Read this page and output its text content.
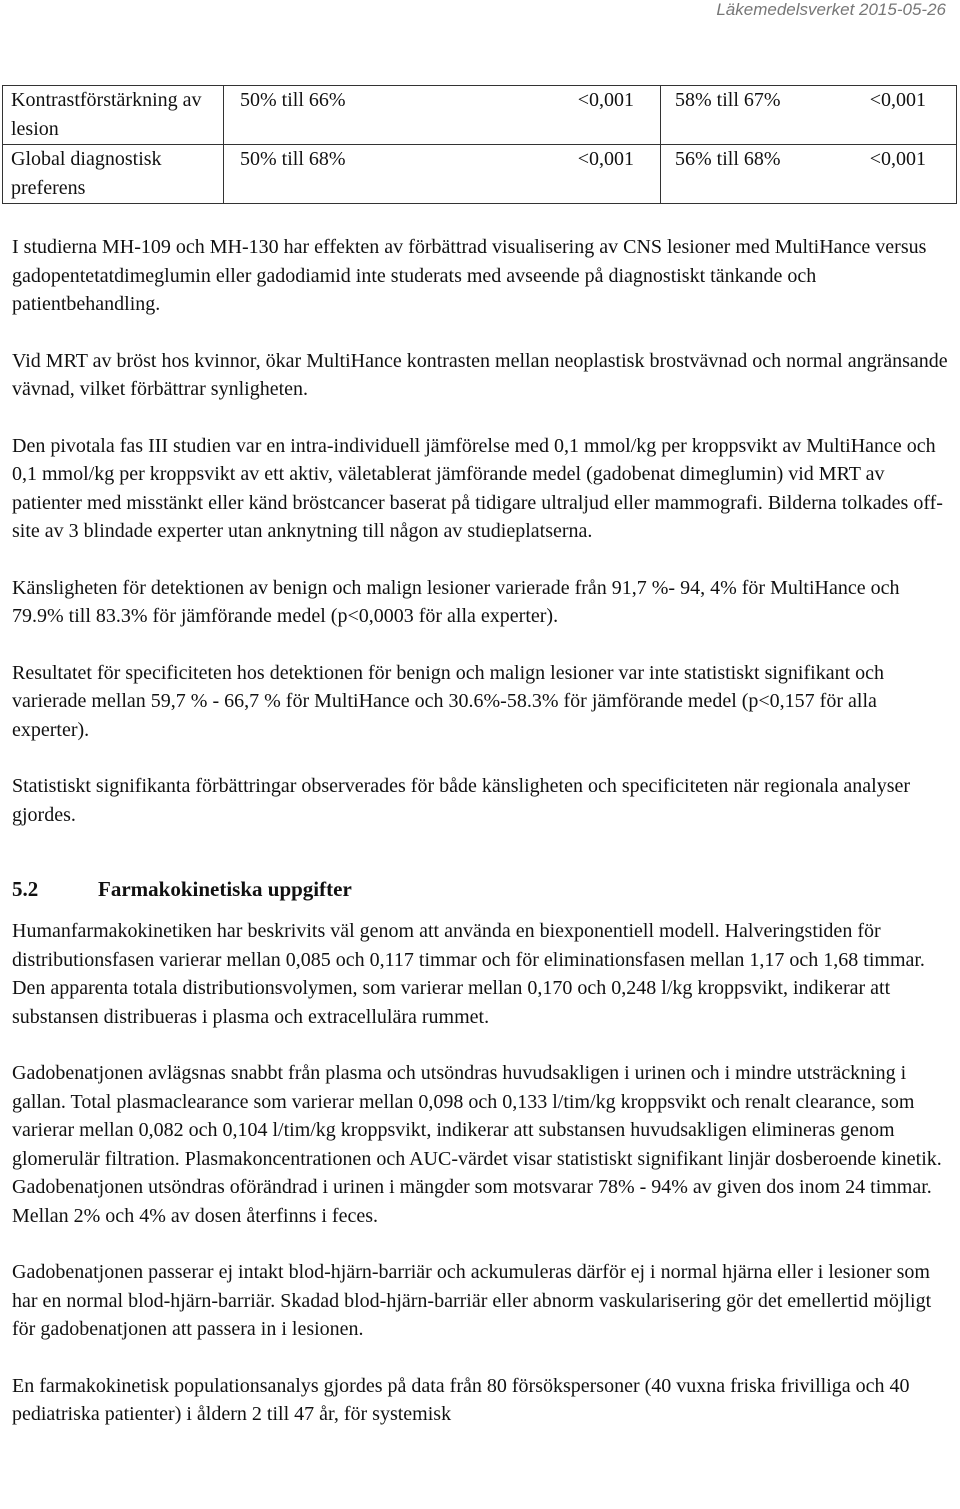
Läkemedelsverket 2015-05-26
Kontrastförstärkning av lesion	50% till 66%	<0,001	58% till 67%	<0,001
Global diagnostisk preferens	50% till 68%	<0,001	56% till 68%	<0,001

I studierna MH-109 och MH-130 har effekten av förbättrad visualisering av CNS lesioner med MultiHance versus gadopentetatdimeglumin eller gadodiamid inte studerats med avseende på diagnostiskt tänkande och patientbehandling.

Vid MRT av bröst hos kvinnor, ökar MultiHance kontrasten mellan neoplastisk brostvävnad och normal angränsande vävnad, vilket förbättrar synligheten.

Den pivotala fas III studien var en intra-individuell jämförelse med 0,1 mmol/kg per kroppsvikt av MultiHance och 0,1 mmol/kg per kroppsvikt av ett aktiv, väletablerat jämförande medel (gadobenat dimeglumin) vid MRT av patienter med misstänkt eller känd bröstcancer baserat på tidigare ultraljud eller mammografi. Bilderna tolkades off-site av 3 blindade experter utan anknytning till någon av studieplatserna.

Känsligheten för detektionen av benign och malign lesioner varierade från 91,7 %- 94, 4% för MultiHance och 79.9% till 83.3% för jämförande medel (p<0,0003 för alla experter).

Resultatet för specificiteten hos detektionen för benign och malign lesioner var inte statistiskt signifikant och varierade mellan 59,7 % - 66,7 % för MultiHance och 30.6%-58.3% för jämförande medel (p<0,157 för alla experter).

Statistiskt signifikanta förbättringar observerades för både känsligheten och specificiteten när regionala analyser gjordes.

5.2	Farmakokinetiska uppgifter

Humanfarmakokinetiken har beskrivits väl genom att använda en biexponentiell modell. Halveringstiden för distributionsfasen varierar mellan 0,085 och 0,117 timmar och för eliminationsfasen mellan 1,17 och 1,68 timmar. Den apparenta totala distributionsvolymen, som varierar mellan 0,170 och 0,248 l/kg kroppsvikt, indikerar att substansen distribueras i plasma och extracellulära rummet.

Gadobenatjonen avlägsnas snabbt från plasma och utsöndras huvudsakligen i urinen och i mindre utsträckning i gallan. Total plasmaclearance som varierar mellan 0,098 och 0,133 l/tim/kg kroppsvikt och renalt clearance, som varierar mellan 0,082 och 0,104 l/tim/kg kroppsvikt, indikerar att substansen huvudsakligen elimineras genom glomerulär filtration. Plasmakoncentrationen och AUC-värdet visar statistiskt signifikant linjär dosberoende kinetik. Gadobenatjonen utsöndras oförändrad i urinen i mängder som motsvarar 78% - 94% av given dos inom 24 timmar. Mellan 2% och 4% av dosen återfinns i feces.

Gadobenatjonen passerar ej intakt blod-hjärn-barriär och ackumuleras därför ej i normal hjärna eller i lesioner som har en normal blod-hjärn-barriär. Skadad blod-hjärn-barriär eller abnorm vaskularisering gör det emellertid möjligt för gadobenatjonen att passera in i lesionen.

En farmakokinetisk populationsanalys gjordes på data från 80 försökspersoner (40 vuxna friska frivilliga och 40 pediatriska patienter) i åldern 2 till 47 år, för systemisk
